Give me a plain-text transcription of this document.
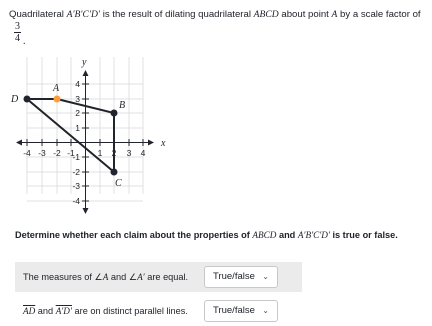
Quadrilateral A′B′C′D′ is the result of dilating quadrilateral ABCD about point A by a scale factor of
3
4 .
-4 -3 -2 -1	1 2 3 4
4
3
2
1
-1
-2
-3
-4
x
y
A
B
C
D
Determine whether each claim about the properties of ABCD and A′B′C′D′ is true or false.
The measures of ∠A and ∠A′ are equal.	True/false ⌄
$\overline{AD}$ and A′D′ are on distinct parallel lines.	True/false ⌄
